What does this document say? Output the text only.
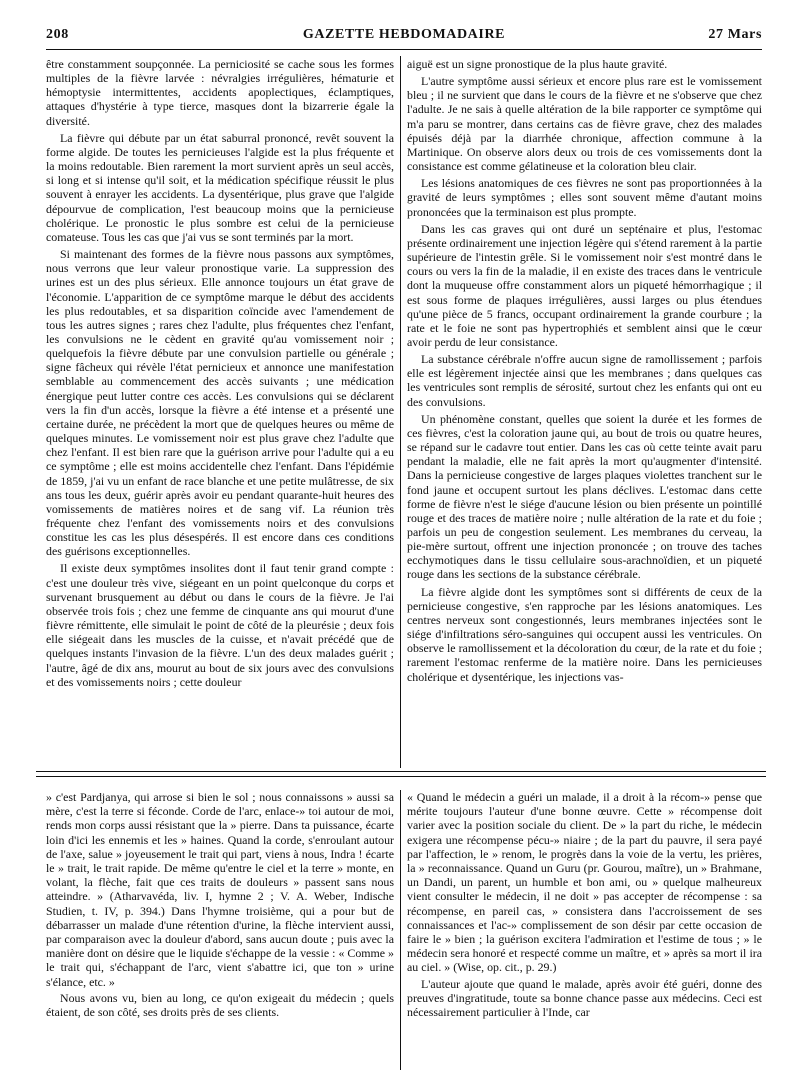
208	GAZETTE HEBDOMADAIRE	27 Mars

être constamment soupçonnée. La perniciosité se cache sous les formes multiples de la fièvre larvée : névralgies irrégulières, hématurie et hémoptysie intermittentes, accidents apoplectiques, éclamptiques, attaques d'hystérie à type tierce, masques dont la bizarrerie égale la diversité.

La fièvre qui débute par un état saburral prononcé, revêt souvent la forme algide. De toutes les pernicieuses l'algide est la plus fréquente et la moins redoutable. Bien rarement la mort survient après un seul accès, si long et si intense qu'il soit, et la médication spécifique réussit le plus souvent à enrayer les accidents. La dysentérique, plus grave que l'algide dépourvue de complication, l'est beaucoup moins que la pernicieuse cholérique. Le pronostic le plus sombre est celui de la pernicieuse comateuse. Tous les cas que j'ai vus se sont terminés par la mort.

Si maintenant des formes de la fièvre nous passons aux symptômes, nous verrons que leur valeur pronostique varie. La suppression des urines est un des plus sérieux. Elle annonce toujours un état grave de l'économie. L'apparition de ce symptôme marque le début des accidents les plus redoutables, et sa disparition coïncide avec l'amendement de tous les autres signes ; rares chez l'adulte, plus fréquentes chez l'enfant, les convulsions ne le cèdent en gravité qu'au vomissement noir ; quelquefois la fièvre débute par une convulsion partielle ou générale ; signe fâcheux qui révèle l'état pernicieux et annonce une manifestation semblable au commencement des accès suivants ; une médication énergique peut lutter contre ces accès. Les convulsions qui se déclarent vers la fin d'un accès, lorsque la fièvre a été intense et a présenté une certaine durée, ne précèdent la mort que de quelques heures ou même de quelques minutes. Le vomissement noir est plus grave chez l'adulte que chez l'enfant. Il est bien rare que la guérison arrive pour l'adulte qui a eu ce symptôme ; elle est moins accidentelle chez l'enfant. Dans l'épidémie de 1859, j'ai vu un enfant de race blanche et une petite mulâtresse, de six ans tous les deux, guérir après avoir eu pendant quarante-huit heures des vomissements de matières noires et de sang vif. La réunion très fréquente chez l'enfant des vomissements noirs et des convulsions constitue les cas les plus désespérés. Il est encore dans ces conditions des guérisons exceptionnelles.

Il existe deux symptômes insolites dont il faut tenir grand compte : c'est une douleur très vive, siégeant en un point quelconque du corps et survenant brusquement au début ou dans le cours de la fièvre. Je l'ai observée trois fois ; chez une femme de cinquante ans qui mourut d'une fièvre rémittente, elle simulait le point de côté de la pleurésie ; deux fois elle siégeait dans les muscles de la cuisse, et n'avait précédé que de quelques instants l'invasion de la fièvre. L'un des deux malades guérit ; l'autre, âgé de dix ans, mourut au bout de six jours avec des convulsions et des vomissements noirs ; cette douleur

aiguë est un signe pronostique de la plus haute gravité.

L'autre symptôme aussi sérieux et encore plus rare est le vomissement bleu ; il ne survient que dans le cours de la fièvre et ne s'observe que chez l'adulte. Je ne sais à quelle altération de la bile rapporter ce symptôme qui m'a paru se montrer, dans certains cas de fièvre grave, chez des malades épuisés déjà par la diarrhée chronique, affection commune à la Martinique. On observe alors deux ou trois de ces vomissements dont la consistance est comme gélatineuse et la coloration bleu clair.

Les lésions anatomiques de ces fièvres ne sont pas proportionnées à la gravité de leurs symptômes ; elles sont souvent même d'autant moins prononcées que la terminaison est plus prompte.

Dans les cas graves qui ont duré un septénaire et plus, l'estomac présente ordinairement une injection légère qui s'étend rarement à la partie supérieure de l'intestin grêle. Si le vomissement noir s'est montré dans le cours ou vers la fin de la maladie, il en existe des traces dans le ventricule dont la muqueuse offre constamment alors un piqueté hémorrhagique ; il est sous forme de plaques irrégulières, aussi larges ou plus étendues qu'une pièce de 5 francs, occupant ordinairement la grande courbure ; la rate et le foie ne sont pas hypertrophiés et semblent ainsi que le cœur avoir perdu de leur consistance.

La substance cérébrale n'offre aucun signe de ramollissement ; parfois elle est légèrement injectée ainsi que les membranes ; dans quelques cas les ventricules sont remplis de sérosité, surtout chez les enfants qui ont eu des convulsions.

Un phénomène constant, quelles que soient la durée et les formes de ces fièvres, c'est la coloration jaune qui, au bout de trois ou quatre heures, se répand sur le cadavre tout entier. Dans les cas où cette teinte avait paru pendant la maladie, elle ne fait après la mort qu'augmenter d'intensité. Dans la pernicieuse congestive de larges plaques violettes tranchent sur le fond jaune et occupent surtout les plans déclives. L'estomac dans cette forme de fièvre n'est le siége d'aucune lésion ou bien présente un pointillé rouge et des traces de matière noire ; nulle altération de la rate et du foie ; parfois un peu de congestion seulement. Les membranes du cerveau, la pie-mère surtout, offrent une injection prononcée ; on trouve des taches ecchymotiques dans le tissu cellulaire sous-arachnoïdien, et un piqueté rouge dans les sections de la substance cérébrale.

La fièvre algide dont les symptômes sont si différents de ceux de la pernicieuse congestive, s'en rapproche par les lésions anatomiques. Les centres nerveux sont congestionnés, leurs membranes injectées sont le siége d'infiltrations séro-sanguines qui occupent aussi les ventricules. On observe le ramollissement et la décoloration du cœur, de la rate et du foie ; rarement l'estomac renferme de la matière noire. Dans les pernicieuses cholérique et dysentérique, les injections vas-

» c'est Pardjanya, qui arrose si bien le sol ; nous connaissons » aussi sa mère, c'est la terre si féconde. Corde de l'arc, enlace-» toi autour de moi, rends mon corps aussi résistant que la » pierre. Dans ta puissance, écarte loin d'ici les ennemis et les » haines. Quand la corde, s'enroulant autour de l'axe, salue » joyeusement le trait qui part, viens à nous, Indra ! écarte le » trait, le trait rapide. De même qu'entre le ciel et la terre » monte, en volant, la flèche, fait que ces traits de douleurs » passent sans nous atteindre. » (Atharvavéda, liv. I, hymne 2 ; V. A. Weber, Indische Studien, t. IV, p. 394.) Dans l'hymne troisième, qui a pour but de débarrasser un malade d'une rétention d'urine, la flèche intervient aussi, par comparaison avec la douleur d'abord, sans aucun doute ; puis avec la manière dont on désire que le liquide s'échappe de la vessie : « Comme » le trait qui, s'échappant de l'arc, vient s'abattre ici, que ton » urine s'élance, etc. »

Nous avons vu, bien au long, ce qu'on exigeait du médecin ; quels étaient, de son côté, ses droits près de ses clients.

« Quand le médecin a guéri un malade, il a droit à la récom-» pense que mérite toujours l'auteur d'une bonne œuvre. Cette » récompense doit varier avec la position sociale du client. De » la part du riche, le médecin exigera une récompense pécu-» niaire ; de la part du pauvre, il sera payé par l'affection, le » renom, le progrès dans la voie de la vertu, les prières, la » reconnaissance. Quand un Guru (pr. Gourou, maître), un » Brahmane, un Dandi, un parent, un humble et bon ami, ou » quelque malheureux vient consulter le médecin, il ne doit » pas accepter de récompense : sa récompense, en pareil cas, » consistera dans l'accroissement de ses connaissances et l'ac-» complissement de son désir par cette occasion de faire le » bien ; la guérison excitera l'admiration et l'estime de tous ; » le médecin sera honoré et respecté comme un maître, et » après sa mort il ira au ciel. » (Wise, op. cit., p. 29.)

L'auteur ajoute que quand le malade, après avoir été guéri, donne des preuves d'ingratitude, toute sa bonne chance passe aux médecins. Ceci est nécessairement particulier à l'Inde, car
